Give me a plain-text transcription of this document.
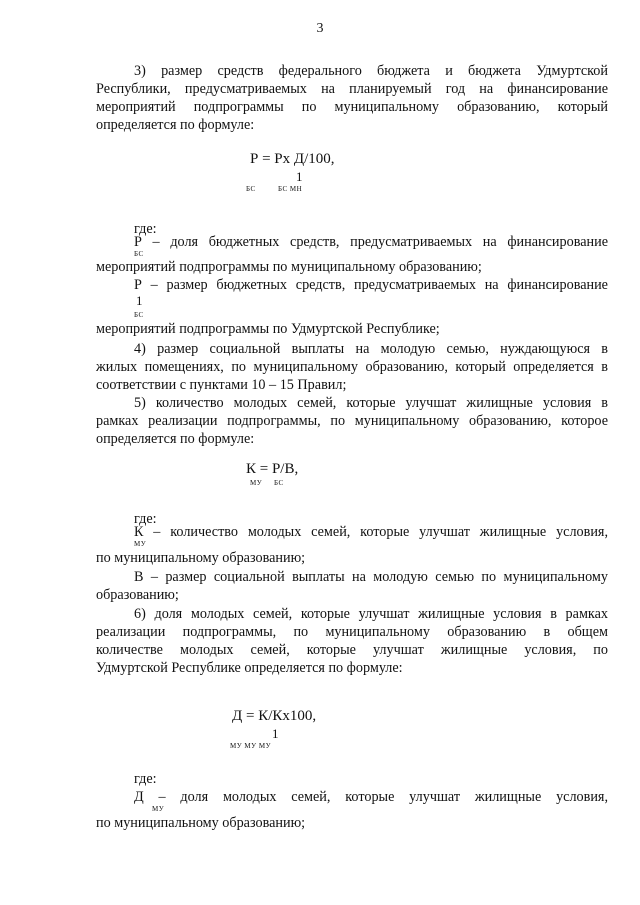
3
3) размер средств федерального бюджета и бюджета Удмуртской
Республики, предусматриваемых на планируемый год на финансирование
мероприятий подпрограммы по муниципальному образованию, который
определяется по формуле:
Р = Рх Д/100,
1
БС	БС МН
где:
Р – доля бюджетных средств, предусматриваемых на финансирование
БС
мероприятий подпрограммы по муниципальному образованию;
Р – размер бюджетных средств, предусматриваемых на финансирование
1
БС
мероприятий подпрограммы по Удмуртской Республике;
4) размер социальной выплаты на молодую семью, нуждающуюся в
жилых помещениях, по муниципальному образованию, который определяется в
соответствии с пунктами 10 – 15 Правил;
5) количество молодых семей, которые улучшат жилищные условия в
рамках реализации подпрограммы, по муниципальному образованию, которое
определяется по формуле:
К = Р/В,
МУ БС
где:
К – количество молодых семей, которые улучшат жилищные условия,
МУ
по муниципальному образованию;
В – размер социальной выплаты на молодую семью по муниципальному
образованию;
6) доля молодых семей, которые улучшат жилищные условия в рамках
реализации подпрограммы, по муниципальному образованию в общем
количестве молодых семей, которые улучшат жилищные условия, по
Удмуртской Республике определяется по формуле:
Д = К/Кх100,
1
МУ МУ МУ
где:
Д – доля молодых семей, которые улучшат жилищные условия,
МУ
по муниципальному образованию;
